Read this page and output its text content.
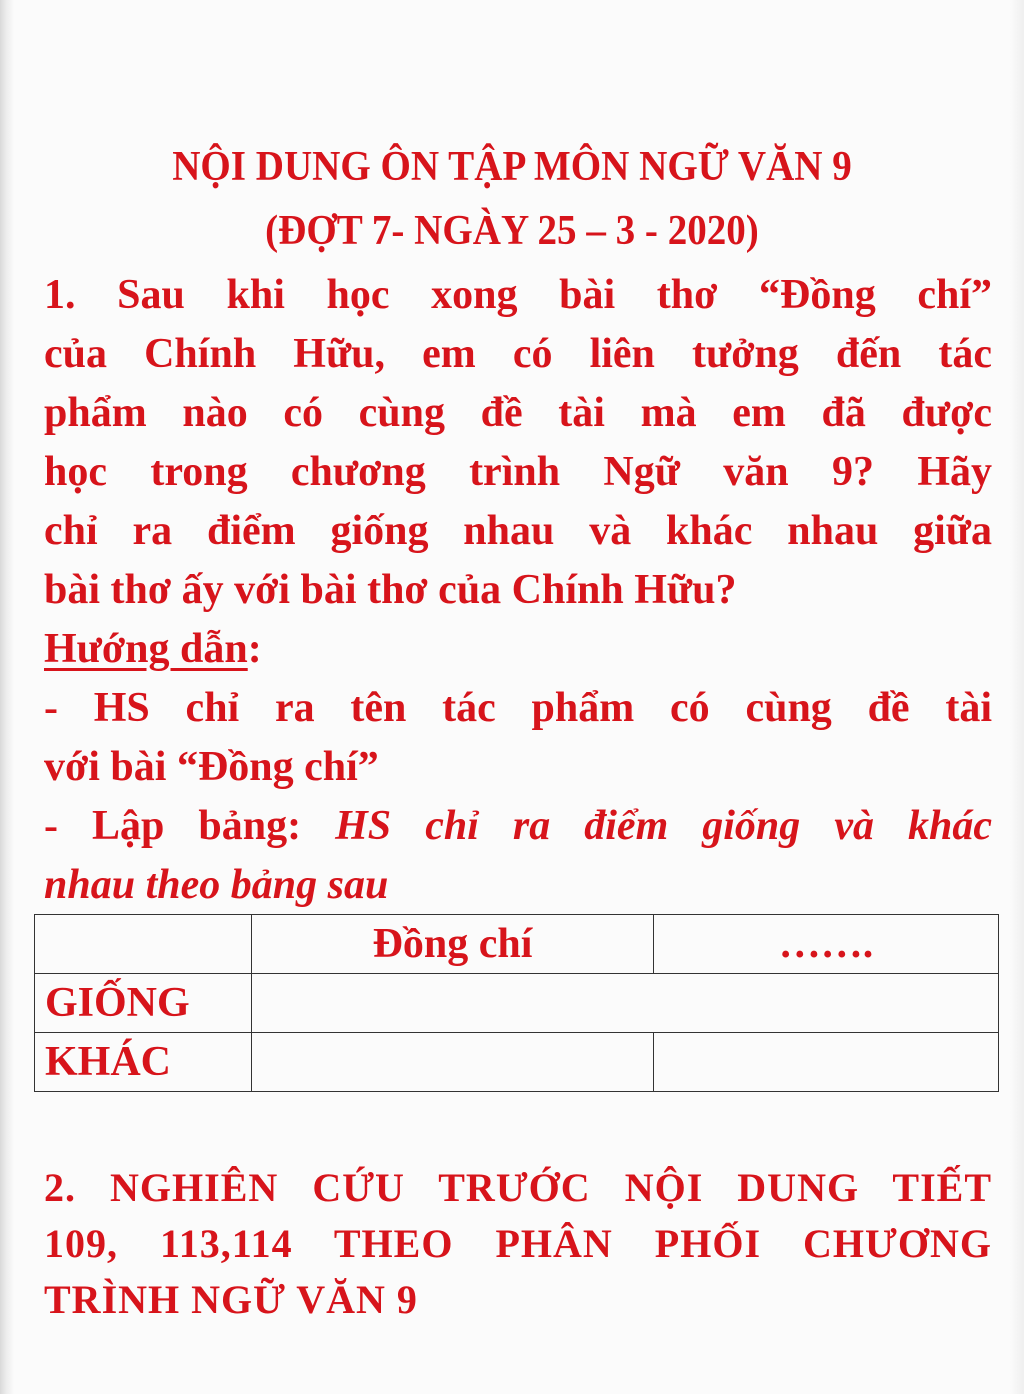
NỘI DUNG ÔN TẬP MÔN NGỮ VĂN 9
(ĐỢT 7- NGÀY 25 – 3 - 2020)
1. Sau khi học xong bài thơ “Đồng chí”
của Chính Hữu, em có liên tưởng đến tác
phẩm nào có cùng đề tài mà em đã được
học trong chương trình Ngữ văn 9? Hãy
chỉ ra điểm giống nhau và khác nhau giữa
bài thơ ấy với bài thơ của Chính Hữu?
Hướng dẫn:
- HS chỉ ra tên tác phẩm có cùng đề tài
với bài “Đồng chí”
- Lập bảng: HS chỉ ra điểm giống và khác
nhau theo bảng sau
	Đồng chí	…….
GIỐNG		
KHÁC		
2. NGHIÊN CỨU TRƯỚC NỘI DUNG TIẾT
109, 113,114 THEO PHÂN PHỐI CHƯƠNG
TRÌNH NGỮ VĂN 9
